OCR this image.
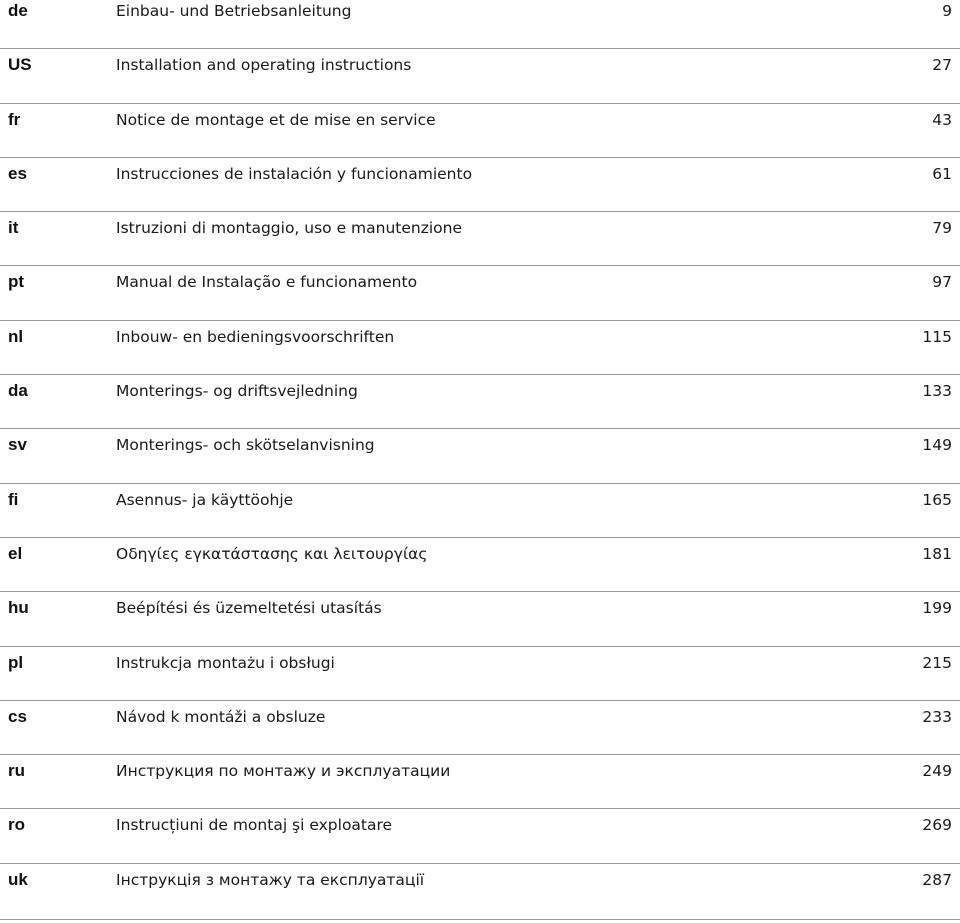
de	Einbau- und Betriebsanleitung	9
US	Installation and operating instructions	27
fr	Notice de montage et de mise en service	43
es	Instrucciones de instalación y funcionamiento	61
it	Istruzioni di montaggio, uso e manutenzione	79
pt	Manual de Instalação e funcionamento	97
nl	Inbouw- en bedieningsvoorschriften	115
da	Monterings- og driftsvejledning	133
sv	Monterings- och skötselanvisning	149
fi	Asennus- ja käyttöohje	165
el	Οδηγίες εγκατάστασης και λειτουργίας	181
hu	Beépítési és üzemeltetési utasítás	199
pl	Instrukcja montażu i obsługi	215
cs	Návod k montáži a obsluze	233
ru	Инструкция по монтажу и эксплуатации	249
ro	Instrucțiuni de montaj şi exploatare	269
uk	Інструкція з монтажу та експлуатації	287
